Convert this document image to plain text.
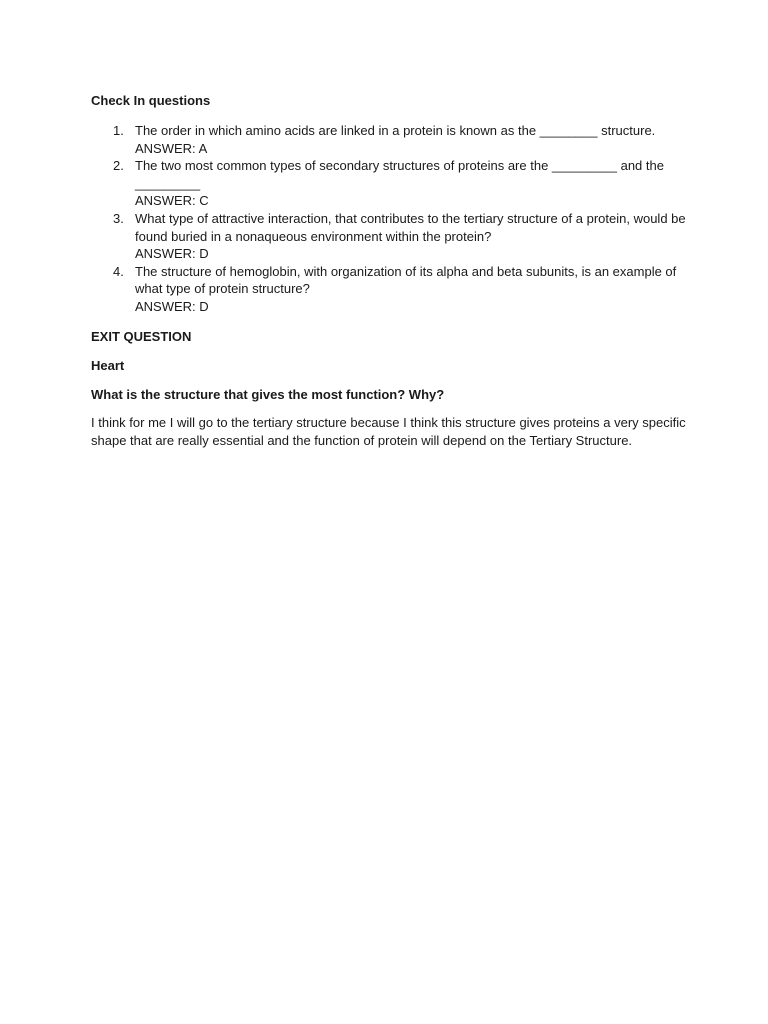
Check In questions

1. The order in which amino acids are linked in a protein is known as the ________ structure.
ANSWER: A
2. The two most common types of secondary structures of proteins are the _________ and the _________
ANSWER: C
3. What type of attractive interaction, that contributes to the tertiary structure of a protein, would be found buried in a nonaqueous environment within the protein?
ANSWER: D
4. The structure of hemoglobin, with organization of its alpha and beta subunits, is an example of what type of protein structure?
ANSWER: D

EXIT QUESTION

Heart

What is the structure that gives the most function? Why?

I think for me I will go to the tertiary structure because I think this structure gives proteins a very specific shape that are really essential and the function of protein will depend on the Tertiary Structure.
